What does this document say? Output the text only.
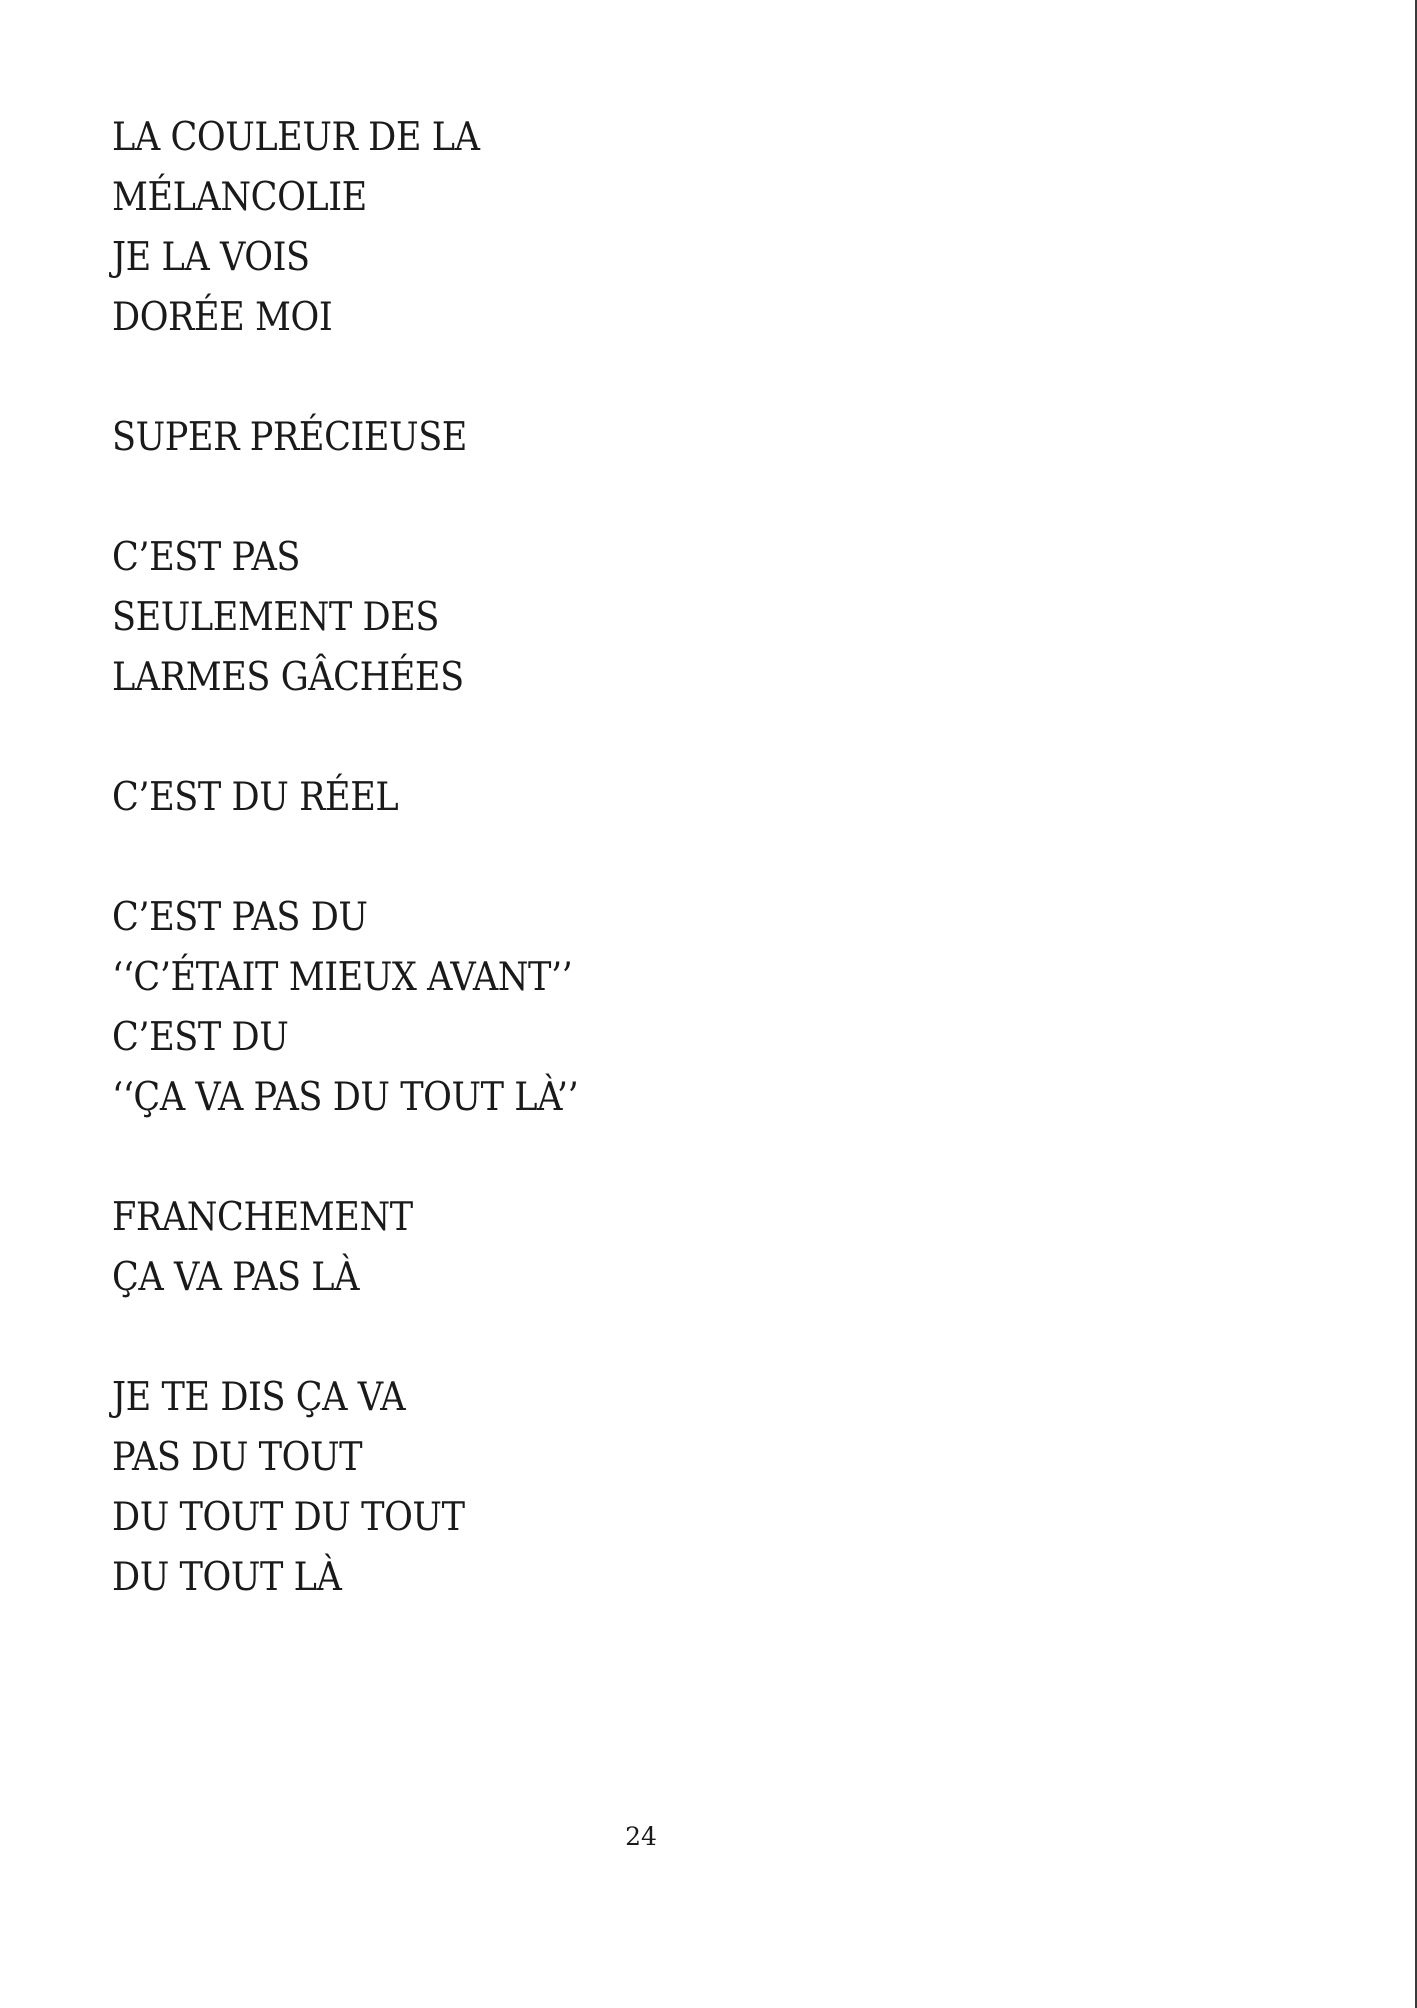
LA COULEUR DE LA
MÉLANCOLIE
JE LA VOIS
DORÉE MOI
SUPER PRÉCIEUSE
C’EST PAS
SEULEMENT DES
LARMES GÂCHÉES
C’EST DU RÉEL
C’EST PAS DU
‘‘C’ÉTAIT MIEUX AVANT’’
C’EST DU
‘‘ÇA VA PAS DU TOUT LÀ’’
FRANCHEMENT
ÇA VA PAS LÀ
JE TE DIS ÇA VA
PAS DU TOUT
DU TOUT DU TOUT
DU TOUT LÀ
24
